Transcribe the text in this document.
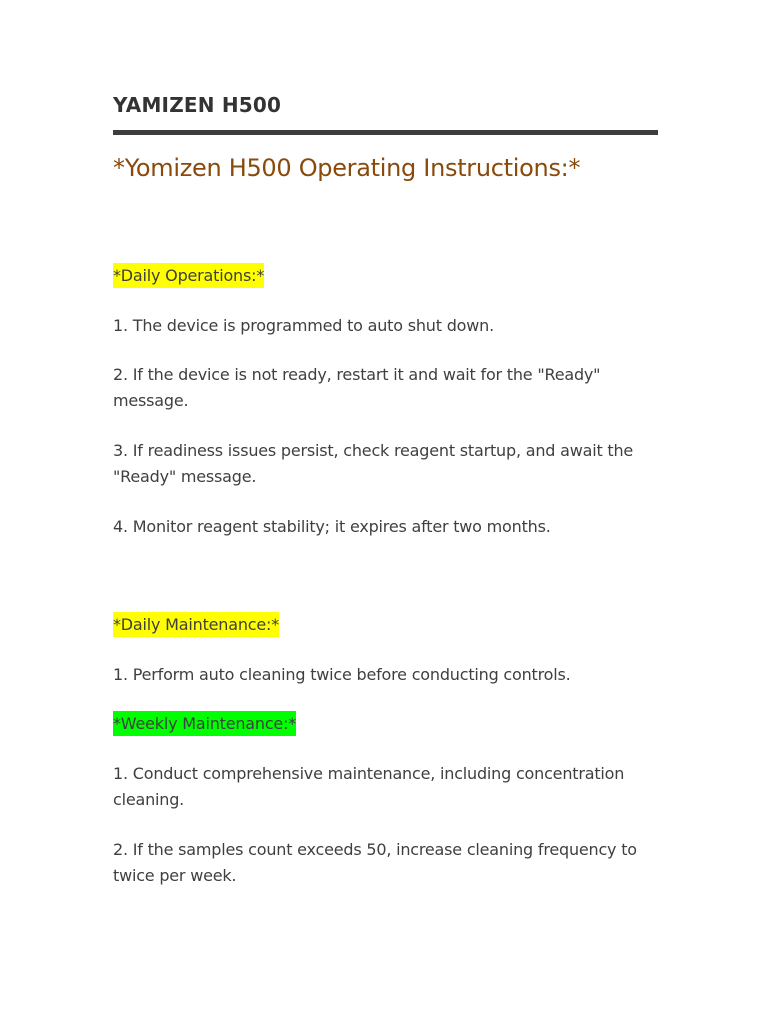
YAMIZEN H500
*Yomizen H500 Operating Instructions:*
*Daily Operations:*
1. The device is programmed to auto shut down.
2. If the device is not ready, restart it and wait for the "Ready" message.
3. If readiness issues persist, check reagent startup, and await the "Ready" message.
4. Monitor reagent stability; it expires after two months.
*Daily Maintenance:*
1. Perform auto cleaning twice before conducting controls.
*Weekly Maintenance:*
1. Conduct comprehensive maintenance, including concentration cleaning.
2. If the samples count exceeds 50, increase cleaning frequency to twice per week.
